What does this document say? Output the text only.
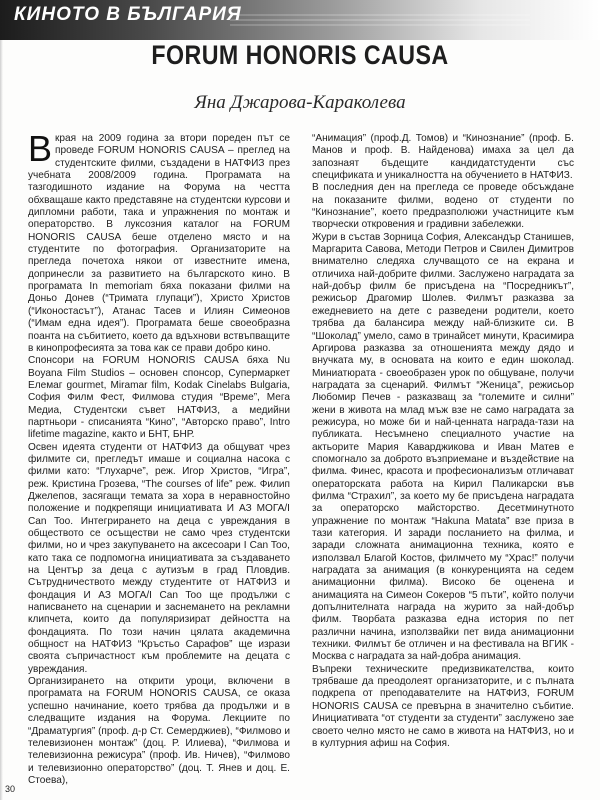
КИНОТО В БЪЛГАРИЯ
FORUM HONORIS CAUSA
Яна Джарова-Караколева

Вкрая на 2009 година за втори пореден път се проведе FORUM HONORIS CAUSA – преглед на студентските филми, създадени в НАТФИЗ през учебната 2008/2009 година. Програмата на тазгодишното издание на Форума на честта обхващаше както представяне на студентски курсови и дипломни работи, така и упражнения по монтаж и операторство. В луксозния каталог на FORUM HONORIS CAUSA беше отделено място и на студентите по фотография. Организаторите на прегледа почетоха някои от известните имена, допринесли за развитието на българското кино. В програмата In memoriam бяха показани филми на Доньо Донев (“Тримата глупаци”), Христо Христов (“Иконостасът”), Атанас Тасев и Илиян Симеонов (“Имам една идея”). Програмата беше своеобразна поанта на събитието, което да вдъхнови вствъпващите в кинопрофесията за това как се прави добро кино.

Спонсори на FORUM HONORIS CAUSA бяха Nu Boyana Film Studios – основен спонсор, Супермаркет Елемаг gourmet, Miramar film, Kodak Cinelabs Bulgaria, София Филм Фест, Филмова студия “Време”, Мега Медиа, Студентски съвет НАТФИЗ, а медийни партньори - списанията “Кино”, “Авторско право”, Intro lifetime magazine, както и БНТ, БНР.

Освен идеята студенти от НАТФИЗ да общуват чрез филмите си, прегледът имаше и социална насока с филми като: “Глухарче”, реж. Игор Христов, “Игра”, реж. Кристина Грозева, “The courses of life” реж. Филип Джелепов, засягащи темата за хора в неравностойно положение и подкрепящи инициативата И АЗ МОГА/I Can Too. Интегрирането на деца с увреждания в обществото се осъществи не само чрез студентски филми, но и чрез закупуването на аксесоари I Can Too, като така се подпомогна инициативата за създаването на Център за деца с аутизъм в град Пловдив. Сътрудничеството между студентите от НАТФИЗ и фондация И АЗ МОГА/I Can Too ще продължи с написването на сценарии и заснемането на рекламни клипчета, които да популяризират дейността на фондацията. По този начин цялата академична общност на НАТФИЗ “Кръстьо Сарафов” ще изрази своята съпричастност към проблемите на децата с увреждания.

Организирането на открити уроци, включени в програмата на FORUM HONORIS CAUSA, се оказа успешно начинание, което трябва да продължи и в следващите издания на Форума. Лекциите по “Драматургия” (проф. д-р Ст. Семерджиев), “Филмово и телевизионен монтаж” (доц. Р. Илиева), “Филмова и телевизионна режисура” (проф. Ив. Ничев), “Филмово и телевизионно операторство” (доц. Т. Янев и доц. Е. Стоева),

“Анимация” (проф.Д. Томов) и “Кинознание” (проф. Б. Манов и проф. В. Найденова) имаха за цел да запознаят бъдещите кандидатстуденти със спецификата и уникалността на обучението в НАТФИЗ.

В последния ден на прегледа се проведе обсъждане на показаните филми, водено от студенти по “Кинознание”, което предразполюжи участниците към творчески откровения и градивни забележки.

Жури в състав Зорница София, Александър Станишев, Маргарита Савова, Методи Петров и Свилен Димитров внимателно следяха случващото се на екрана и отличиха най-добрите филми. Заслужено наградата за най-добър филм бе присъдена на “Посредникът”, режисьор Драгомир Шолев. Филмът разказва за ежедневието на дете с разведени родители, което трябва да балансира между най-близките си. В “Шоколад” умело, само в тринайсет минути, Красимира Аргирова разказва за отношенията между дядо и внучката му, в основата на които е един шоколад. Миниатюрата - своеобразен урок по общуване, получи наградата за сценарий. Филмът “Женица”, режисьор Любомир Печев - разказващ за “големите и силни” жени в живота на млад мъж взе не само наградата за режисура, но може би и най-ценната награда-тази на публиката. Несъмнено специалното участие на актьорите Мария Каварджикова и Иван Матев е спомогнало за доброто възприемане и въздействие на филма. Финес, красота и професионализъм отличават операторската работа на Кирил Паликарски във филма “Страхил”, за което му бе присъдена наградата за операторско майсторство. Десетминутното упражнение по монтаж “Hakuna Matata” взе приза в тази категория. И заради посланието на филма, и заради сложната анимационна техника, която е използвал Благой Костов, филмчето му “Храс!” получи наградата за анимация (в конкуренцията на седем анимационни филма). Високо бе оценена и анимацията на Симеон Сокеров “5 пъти”, който получи допълнителната награда на журито за най-добър филм. Творбата разказва една история по пет различни начина, използвайки пет вида анимационни техники. Филмът бе отличен и на фестивала на ВГИК - Москва с наградата за най-добра анимация.

Въпреки техническите предизвикателства, които трябваше да преодолеят организаторите, и с пълната подкрепа от преподавателите на НАТФИЗ, FORUM HONORIS CAUSA се превърна в значително събитие. Инициативата “от студенти за студенти” заслужено зае своето челно място не само в живота на НАТФИЗ, но и в културния афиш на София.

30
